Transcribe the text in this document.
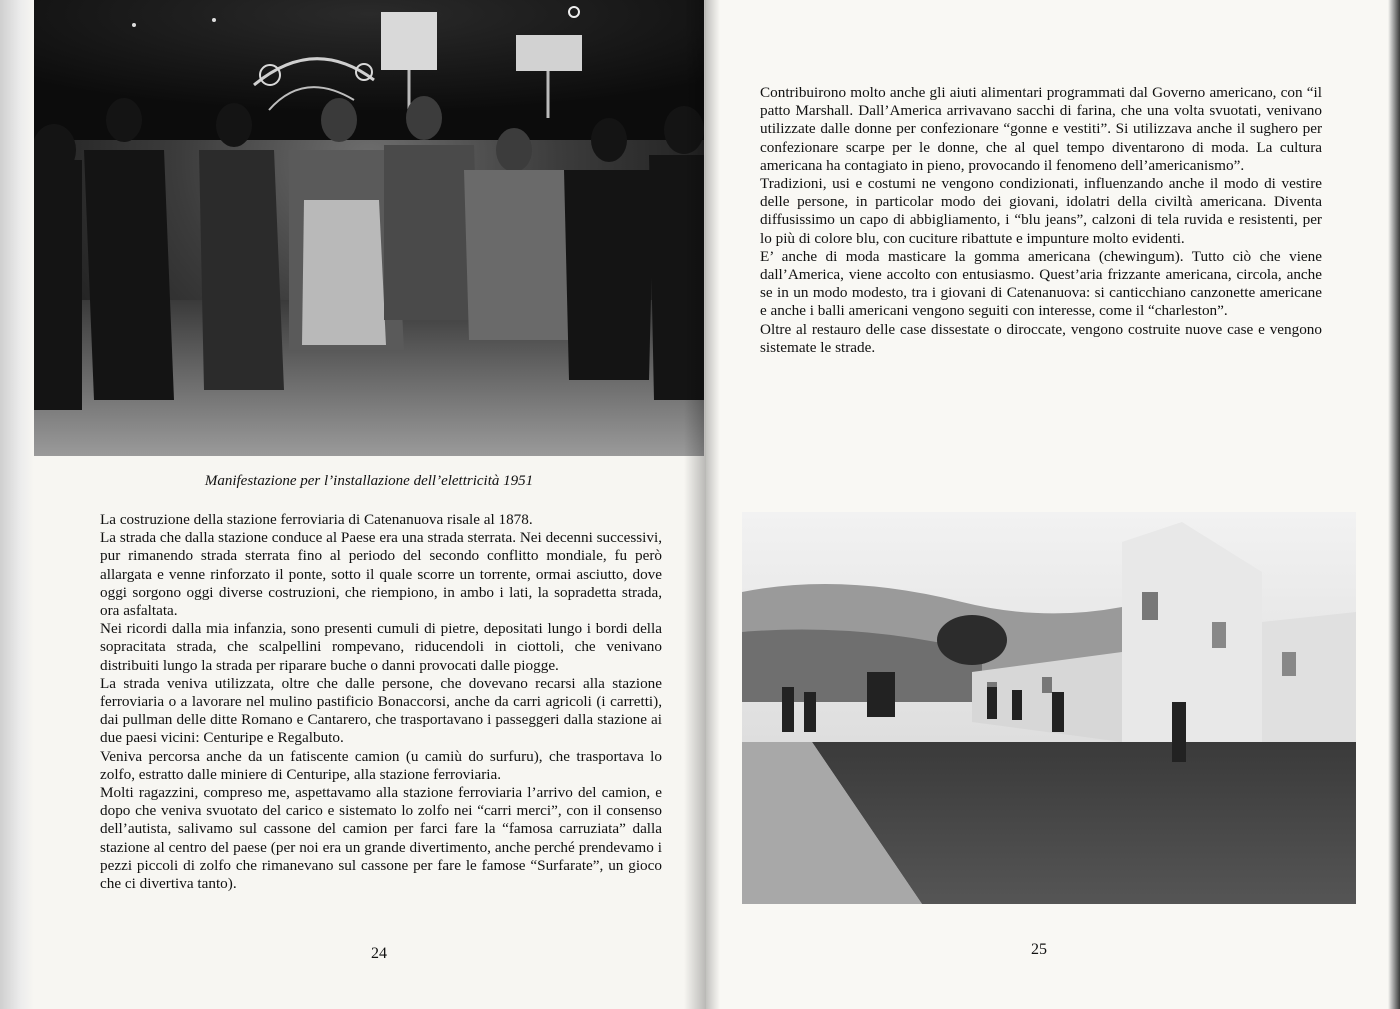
Manifestazione per l’installazione dell’elettricità 1951

La costruzione della stazione ferroviaria di Catenanuova risale al 1878.

La strada che dalla stazione conduce al Paese era una strada sterrata. Nei decenni successivi, pur rimanendo strada sterrata fino al periodo del secondo conflitto mondiale, fu però allargata e venne rinforzato il ponte, sotto il quale scorre un torrente, ormai asciutto, dove oggi sorgono oggi diverse costruzioni, che riempiono, in ambo i lati, la sopradetta strada, ora asfaltata.

Nei ricordi dalla mia infanzia, sono presenti cumuli di pietre, depositati lungo i bordi della sopracitata strada, che scalpellini rompevano, riducendoli in ciottoli, che venivano distribuiti lungo la strada per riparare buche o danni provocati dalle piogge.

La strada veniva utilizzata, oltre che dalle persone, che dovevano recarsi alla stazione ferroviaria o a lavorare nel mulino pastificio Bonaccorsi, anche da carri agricoli (i carretti), dai pullman delle ditte Romano e Cantarero, che trasportavano i passeggeri dalla stazione ai due paesi vicini: Centuripe e Regalbuto.

Veniva percorsa anche da un fatiscente camion (u camiù do surfuru), che trasportava lo zolfo, estratto dalle miniere di Centuripe, alla stazione ferroviaria.

Molti ragazzini, compreso me, aspettavamo alla stazione ferroviaria l’arrivo del camion, e dopo che veniva svuotato del carico e sistemato lo zolfo nei “carri merci”, con il consenso dell’autista, salivamo sul cassone del camion per farci fare la “famosa carruziata” dalla stazione al centro del paese (per noi era un grande divertimento, anche perché prendevamo i pezzi piccoli di zolfo che rimanevano sul cassone per fare le famose “Surfarate”, un gioco che ci divertiva tanto).

24

Contribuirono molto anche gli aiuti alimentari programmati dal Governo americano, con “il patto Marshall. Dall’America arrivavano sacchi di farina, che una volta svuotati, venivano utilizzate dalle donne per confezionare “gonne e vestiti”. Si utilizzava anche il sughero per confezionare scarpe per le donne, che al quel tempo diventarono di moda. La cultura americana ha contagiato in pieno, provocando il fenomeno dell’americanismo”.

Tradizioni, usi e costumi ne vengono condizionati, influenzando anche il modo di vestire delle persone, in particolar modo dei giovani, idolatri della civiltà americana. Diventa diffusissimo un capo di abbigliamento, i “blu jeans”, calzoni di tela ruvida e resistenti, per lo più di colore blu, con cuciture ribattute e impunture molto evidenti.

E’ anche di moda masticare la gomma americana (chewingum). Tutto ciò che viene dall’America, viene accolto con entusiasmo. Quest’aria frizzante americana, circola, anche se in un modo modesto, tra i giovani di Catenanuova: si canticchiano canzonette americane e anche i balli americani vengono seguiti con interesse, come il “charleston”.

Oltre al restauro delle case dissestate o diroccate, vengono costruite nuove case e vengono sistemate le strade.

25
